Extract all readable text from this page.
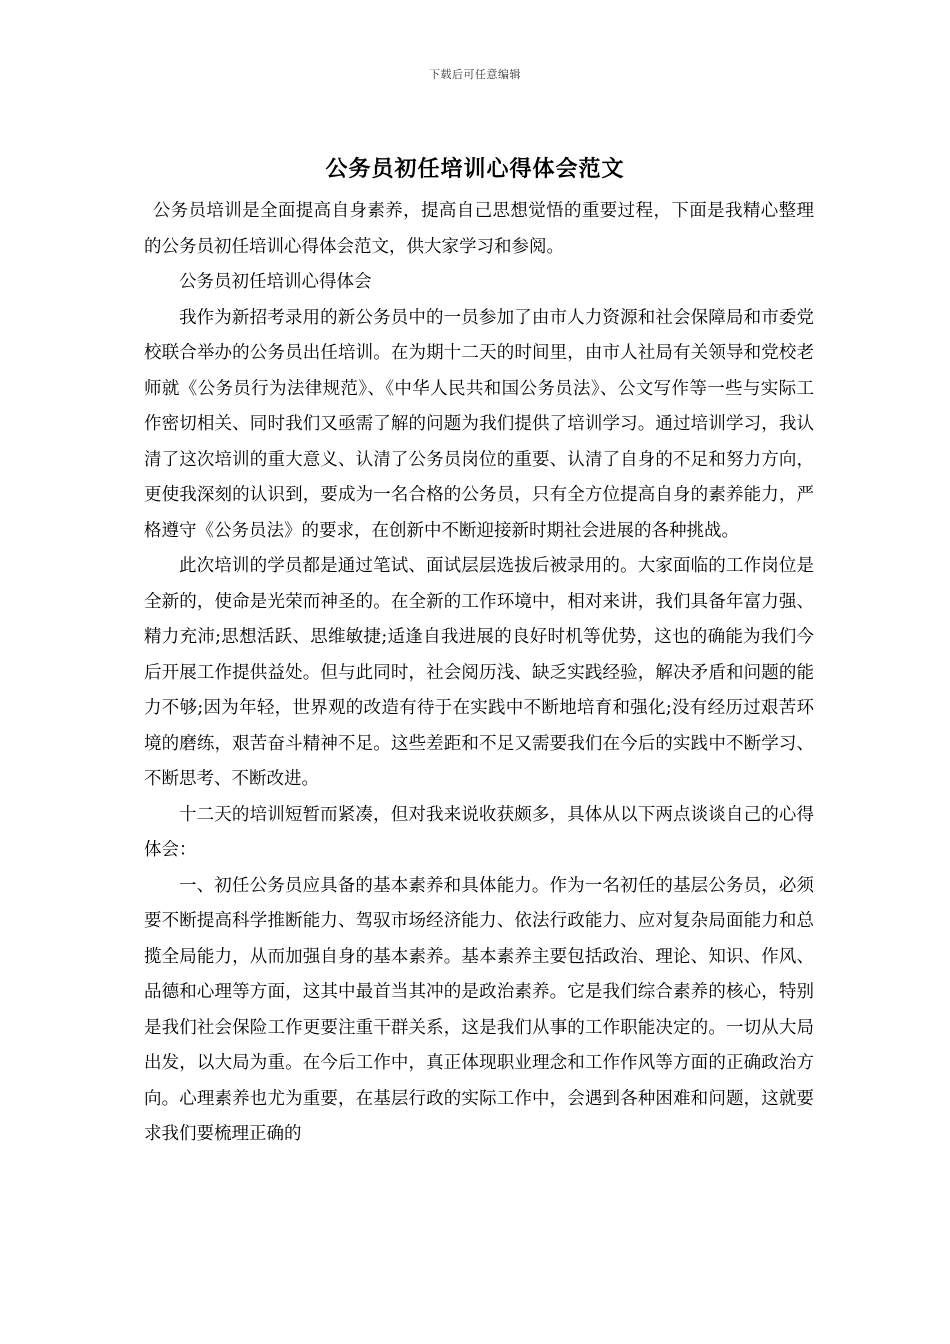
下载后可任意编辑
公务员初任培训心得体会范文

公务员培训是全面提高自身素养，提高自己思想觉悟的重要过程，下面是我精心整理的公务员初任培训心得体会范文，供大家学习和参阅。

公务员初任培训心得体会

我作为新招考录用的新公务员中的一员参加了由市人力资源和社会保障局和市委党校联合举办的公务员出任培训。在为期十二天的时间里，由市人社局有关领导和党校老师就《公务员行为法律规范》、《中华人民共和国公务员法》、公文写作等一些与实际工作密切相关、同时我们又亟需了解的问题为我们提供了培训学习。通过培训学习，我认清了这次培训的重大意义、认清了公务员岗位的重要、认清了自身的不足和努力方向，更使我深刻的认识到，要成为一名合格的公务员，只有全方位提高自身的素养能力，严格遵守《公务员法》的要求，在创新中不断迎接新时期社会进展的各种挑战。

此次培训的学员都是通过笔试、面试层层选拔后被录用的。大家面临的工作岗位是全新的，使命是光荣而神圣的。在全新的工作环境中，相对来讲，我们具备年富力强、精力充沛;思想活跃、思维敏捷;适逢自我进展的良好时机等优势，这也的确能为我们今后开展工作提供益处。但与此同时，社会阅历浅、缺乏实践经验，解决矛盾和问题的能力不够;因为年轻，世界观的改造有待于在实践中不断地培育和强化;没有经历过艰苦环境的磨练，艰苦奋斗精神不足。这些差距和不足又需要我们在今后的实践中不断学习、不断思考、不断改进。

十二天的培训短暂而紧凑，但对我来说收获颇多，具体从以下两点谈谈自己的心得体会：

一、初任公务员应具备的基本素养和具体能力。作为一名初任的基层公务员，必须要不断提高科学推断能力、驾驭市场经济能力、依法行政能力、应对复杂局面能力和总揽全局能力，从而加强自身的基本素养。基本素养主要包括政治、理论、知识、作风、品德和心理等方面，这其中最首当其冲的是政治素养。它是我们综合素养的核心，特别是我们社会保险工作更要注重干群关系，这是我们从事的工作职能决定的。一切从大局出发，以大局为重。在今后工作中，真正体现职业理念和工作作风等方面的正确政治方向。心理素养也尤为重要，在基层行政的实际工作中，会遇到各种困难和问题，这就要求我们要梳理正确的
